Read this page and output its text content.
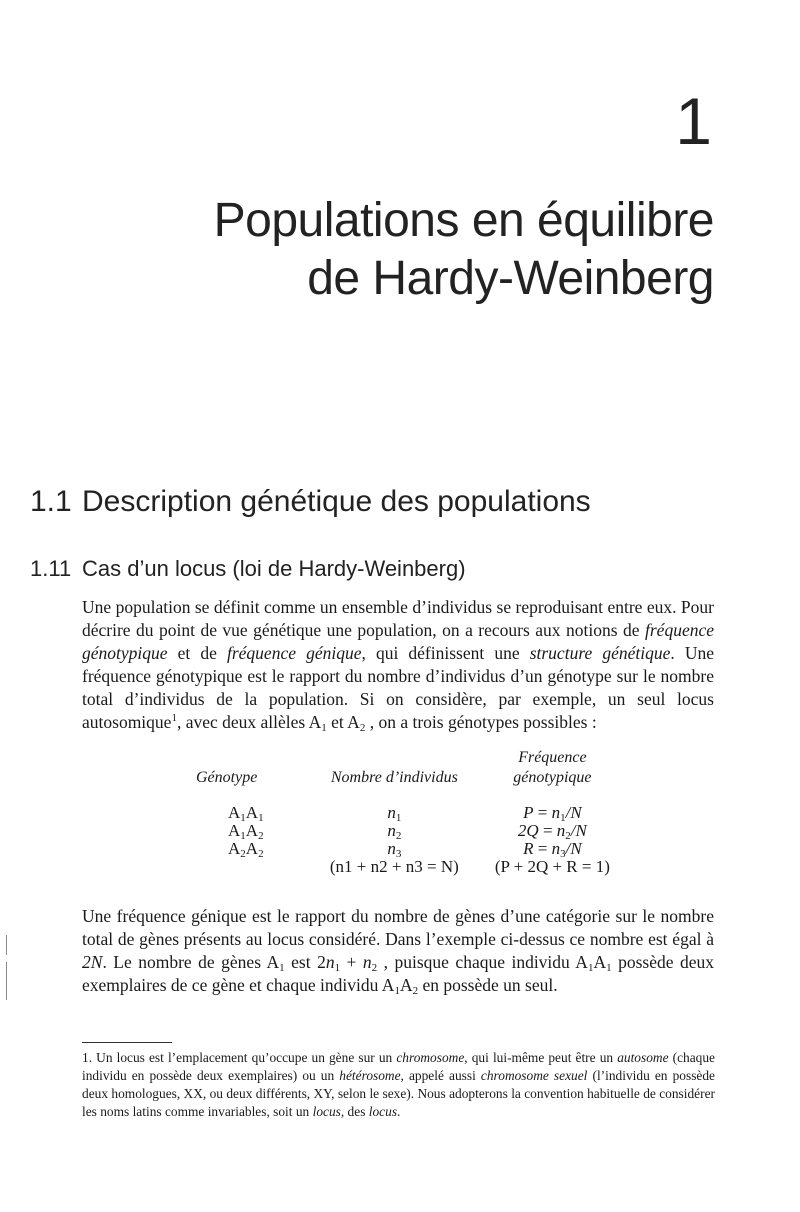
1
Populations en équilibre
de Hardy-Weinberg
1.1 Description génétique des populations
1.11 Cas d’un locus (loi de Hardy-Weinberg)

Une population se définit comme un ensemble d’individus se reproduisant entre eux. Pour décrire du point de vue génétique une population, on a recours aux notions de fréquence génotypique et de fréquence génique, qui définissent une structure génétique. Une fréquence génotypique est le rapport du nombre d’individus d’un génotype sur le nombre total d’individus de la population. Si on considère, par exemple, un seul locus autosomique$^1$, avec deux allèles $A_1$ et $A_2$ , on a trois génotypes possibles :

Génotype	Nombre d’individus	Fréquence
génotypique
$A_1A_1$	$n_1$	$P = n_1/N$
$A_1A_2$	$n_2$	$2Q = n_2/N$
$A_2A_2$	$n_3$	$R = n_3/N$
	(n1 + n2 + n3 = N)	(P + 2Q + R = 1)

Une fréquence génique est le rapport du nombre de gènes d’une catégorie sur le nombre total de gènes présents au locus considéré. Dans l’exemple ci-dessus ce nombre est égal à 2N. Le nombre de gènes $A_1$ est $2n_1 + n_2$ , puisque chaque individu $A_1A_1$ possède deux exemplaires de ce gène et chaque individu $A_1A_2$ en possède un seul.

1. Un locus est l’emplacement qu’occupe un gène sur un chromosome, qui lui-même peut être un autosome (chaque individu en possède deux exemplaires) ou un hétérosome, appelé aussi chromosome sexuel (l’individu en possède deux homologues, XX, ou deux différents, XY, selon le sexe). Nous adopterons la convention habituelle de considérer les noms latins comme invariables, soit un locus, des locus.
